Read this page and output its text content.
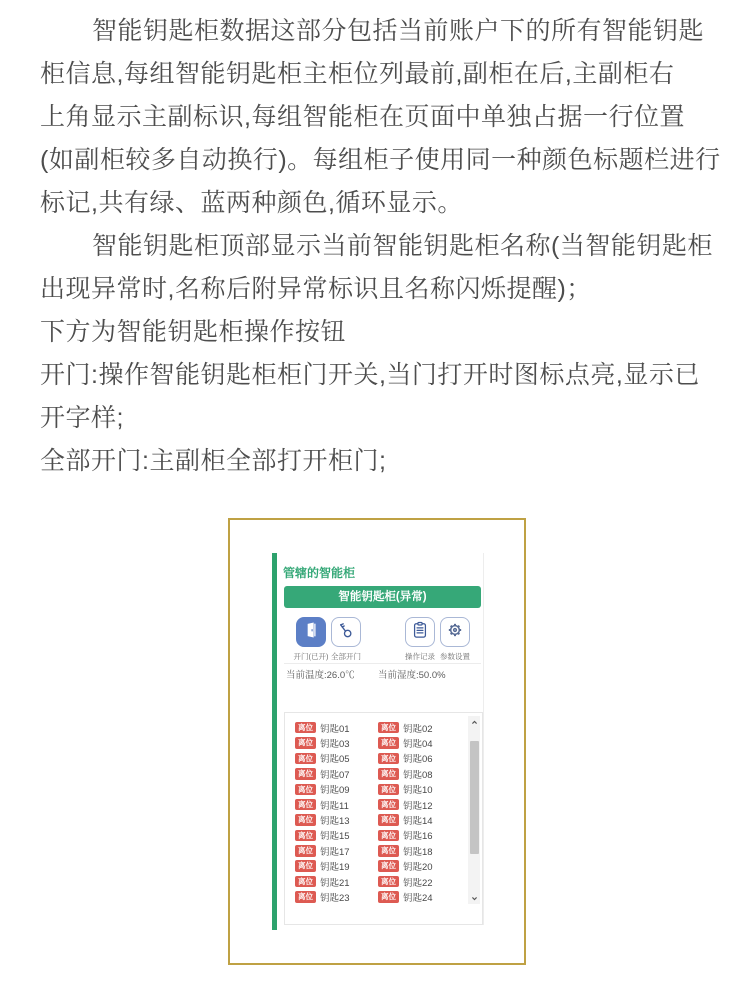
智能钥匙柜数据这部分包括当前账户下的所有智能钥匙
柜信息,每组智能钥匙柜主柜位列最前,副柜在后,主副柜右
上角显示主副标识,每组智能柜在页面中单独占据一行位置
(如副柜较多自动换行)。每组柜子使用同一种颜色标题栏进行
标记,共有绿、蓝两种颜色,循环显示。
智能钥匙柜顶部显示当前智能钥匙柜名称(当智能钥匙柜
出现异常时,名称后附异常标识且名称闪烁提醒)；
下方为智能钥匙柜操作按钮
开门:操作智能钥匙柜柜门开关,当门打开时图标点亮,显示已
开字样;
全部开门:主副柜全部打开柜门;
管辖的智能柜
智能钥匙柜(异常)
开门(已开) 全部开门	操作记录 参数设置
当前温度:26.0℃ 当前湿度:50.0%
离位 钥匙01
离位 钥匙03
离位 钥匙05
离位 钥匙07
离位 钥匙09
离位 钥匙11
离位 钥匙13
离位 钥匙15
离位 钥匙17
离位 钥匙19
离位 钥匙21
离位 钥匙23
离位 钥匙02
离位 钥匙04
离位 钥匙06
离位 钥匙08
离位 钥匙10
离位 钥匙12
离位 钥匙14
离位 钥匙16
离位 钥匙18
离位 钥匙20
离位 钥匙22
离位 钥匙24
